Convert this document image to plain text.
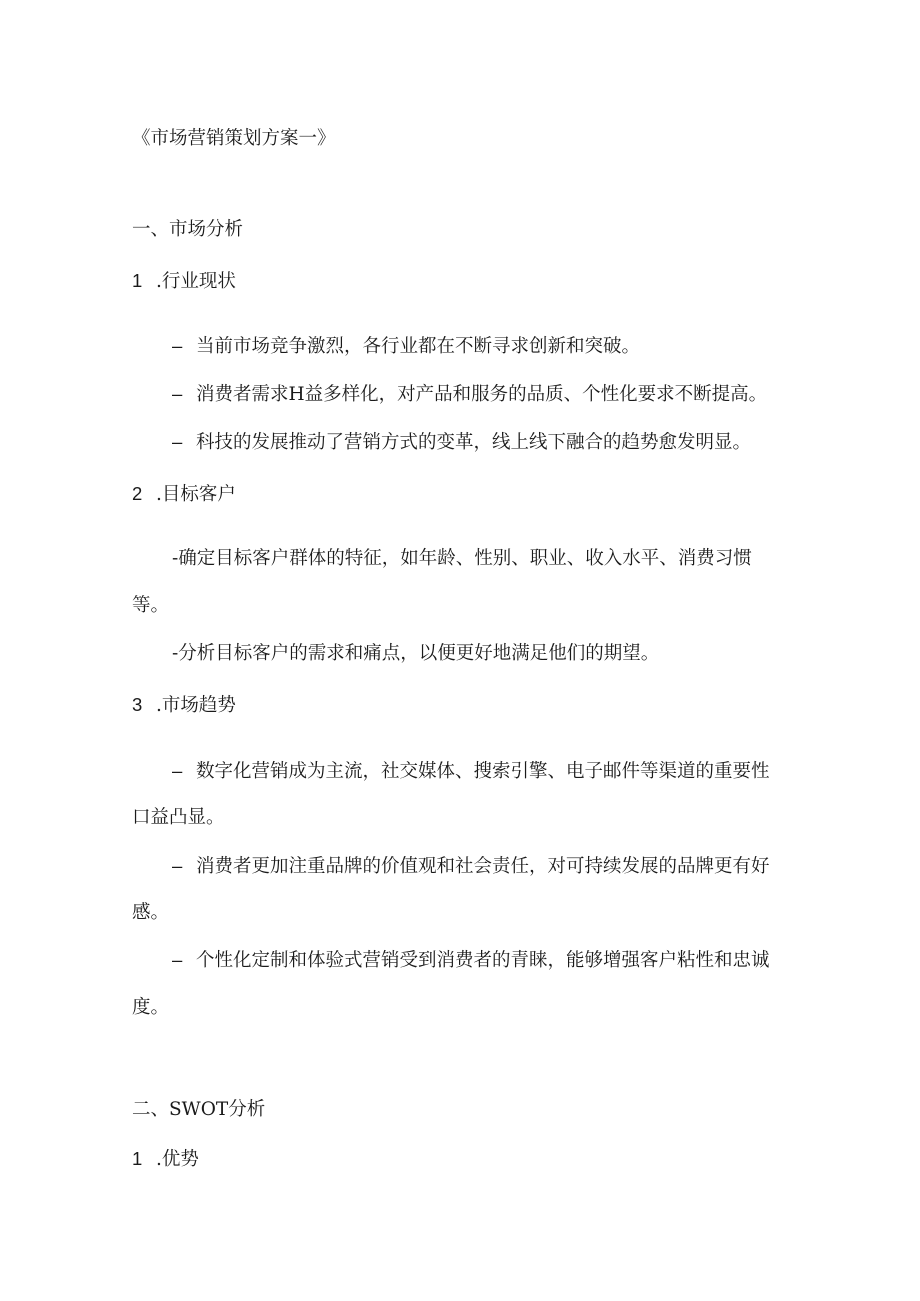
《市场营销策划方案一》
一、市场分析
1 .行业现状
– 当前市场竞争激烈，各行业都在不断寻求创新和突破。
– 消费者需求H益多样化，对产品和服务的品质、个性化要求不断提高。
– 科技的发展推动了营销方式的变革，线上线下融合的趋势愈发明显。
2 .目标客户
-确定目标客户群体的特征，如年龄、性别、职业、收入水平、消费习惯
等。
-分析目标客户的需求和痛点，以便更好地满足他们的期望。
3 .市场趋势
– 数字化营销成为主流，社交媒体、搜索引擎、电子邮件等渠道的重要性
口益凸显。
– 消费者更加注重品牌的价值观和社会责任，对可持续发展的品牌更有好
感。
– 个性化定制和体验式营销受到消费者的青睐，能够增强客户粘性和忠诚
度。
二、SWOT分析
1 .优势
